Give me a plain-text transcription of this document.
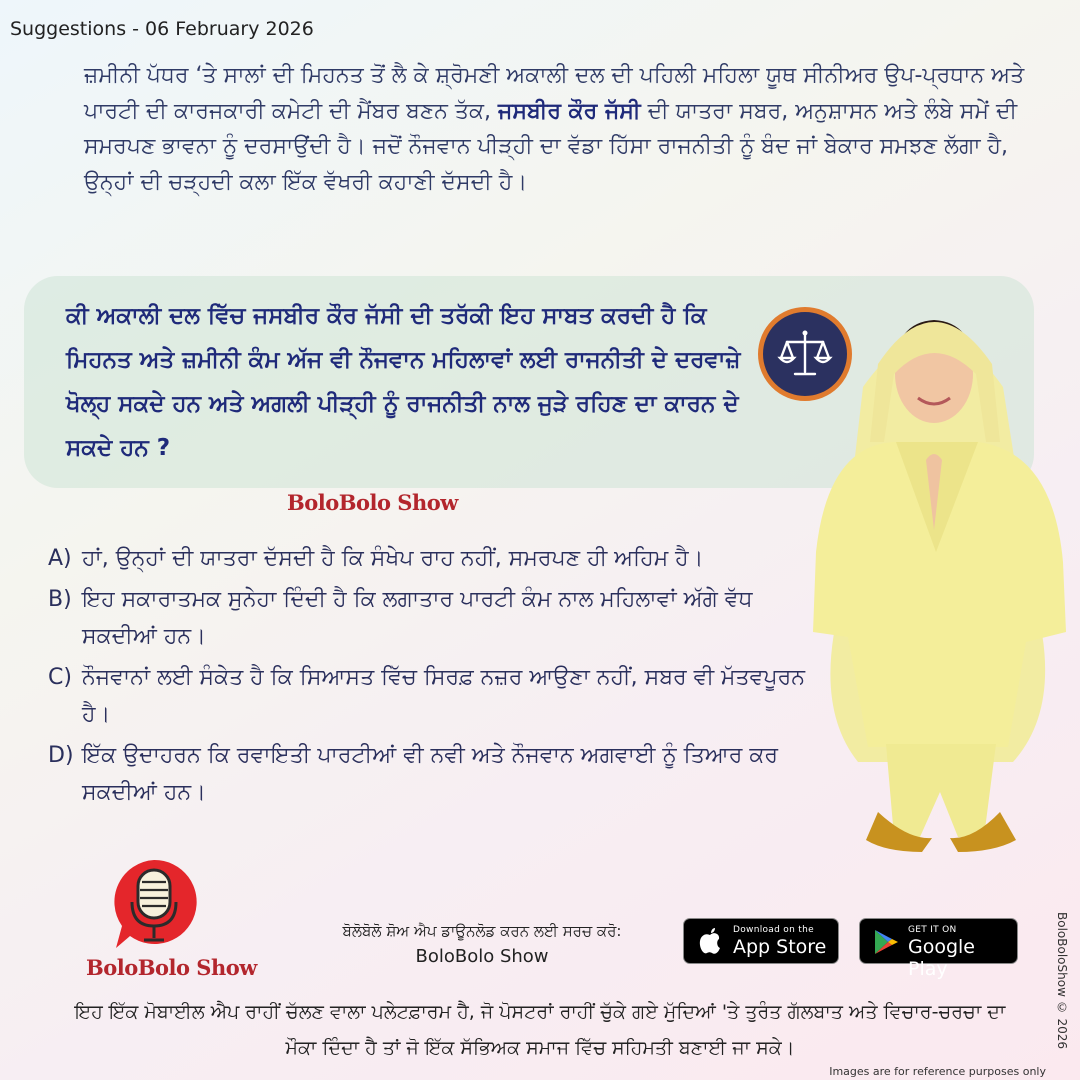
Suggestions - 06 February 2026
ਜ਼ਮੀਨੀ ਪੱਧਰ ‘ਤੇ ਸਾਲਾਂ ਦੀ ਮਿਹਨਤ ਤੋਂ ਲੈ ਕੇ ਸ਼੍ਰੋਮਣੀ ਅਕਾਲੀ ਦਲ ਦੀ ਪਹਿਲੀ ਮਹਿਲਾ ਯੂਥ ਸੀਨੀਅਰ ਉਪ-ਪ੍ਰਧਾਨ ਅਤੇ ਪਾਰਟੀ ਦੀ ਕਾਰਜਕਾਰੀ ਕਮੇਟੀ ਦੀ ਮੈਂਬਰ ਬਣਨ ਤੱਕ, ਜਸਬੀਰ ਕੌਰ ਜੱਸੀ ਦੀ ਯਾਤਰਾ ਸਬਰ, ਅਨੁਸ਼ਾਸਨ ਅਤੇ ਲੰਬੇ ਸਮੇਂ ਦੀ ਸਮਰਪਣ ਭਾਵਨਾ ਨੂੰ ਦਰਸਾਉਂਦੀ ਹੈ। ਜਦੋਂ ਨੌਜਵਾਨ ਪੀੜ੍ਹੀ ਦਾ ਵੱਡਾ ਹਿੱਸਾ ਰਾਜਨੀਤੀ ਨੂੰ ਬੰਦ ਜਾਂ ਬੇਕਾਰ ਸਮਝਣ ਲੱਗਾ ਹੈ, ਉਨ੍ਹਾਂ ਦੀ ਚੜ੍ਹਦੀ ਕਲਾ ਇੱਕ ਵੱਖਰੀ ਕਹਾਣੀ ਦੱਸਦੀ ਹੈ।
ਕੀ ਅਕਾਲੀ ਦਲ ਵਿੱਚ ਜਸਬੀਰ ਕੌਰ ਜੱਸੀ ਦੀ ਤਰੱਕੀ ਇਹ ਸਾਬਤ ਕਰਦੀ ਹੈ ਕਿ ਮਿਹਨਤ ਅਤੇ ਜ਼ਮੀਨੀ ਕੰਮ ਅੱਜ ਵੀ ਨੌਜਵਾਨ ਮਹਿਲਾਵਾਂ ਲਈ ਰਾਜਨੀਤੀ ਦੇ ਦਰਵਾਜ਼ੇ ਖੋਲ੍ਹ ਸਕਦੇ ਹਨ ਅਤੇ ਅਗਲੀ ਪੀੜ੍ਹੀ ਨੂੰ ਰਾਜਨੀਤੀ ਨਾਲ ਜੁੜੇ ਰਹਿਣ ਦਾ ਕਾਰਨ ਦੇ ਸਕਦੇ ਹਨ ?
BoloBolo Show
A) ਹਾਂ, ਉਨ੍ਹਾਂ ਦੀ ਯਾਤਰਾ ਦੱਸਦੀ ਹੈ ਕਿ ਸੰਖੇਪ ਰਾਹ ਨਹੀਂ, ਸਮਰਪਣ ਹੀ ਅਹਿਮ ਹੈ।
B) ਇਹ ਸਕਾਰਾਤਮਕ ਸੁਨੇਹਾ ਦਿੰਦੀ ਹੈ ਕਿ ਲਗਾਤਾਰ ਪਾਰਟੀ ਕੰਮ ਨਾਲ ਮਹਿਲਾਵਾਂ ਅੱਗੇ ਵੱਧ ਸਕਦੀਆਂ ਹਨ।
C) ਨੌਜਵਾਨਾਂ ਲਈ ਸੰਕੇਤ ਹੈ ਕਿ ਸਿਆਸਤ ਵਿੱਚ ਸਿਰਫ਼ ਨਜ਼ਰ ਆਉਣਾ ਨਹੀਂ, ਸਬਰ ਵੀ ਮੱਤਵਪੂਰਨ ਹੈ।
D) ਇੱਕ ਉਦਾਹਰਨ ਕਿ ਰਵਾਇਤੀ ਪਾਰਟੀਆਂ ਵੀ ਨਵੀ ਅਤੇ ਨੌਜਵਾਨ ਅਗਵਾਈ ਨੂੰ ਤਿਆਰ ਕਰ ਸਕਦੀਆਂ ਹਨ।
BoloBolo Show
ਬੋਲੋਬੋਲੋ ਸ਼ੋਅ ਐਪ ਡਾਊਨਲੋਡ ਕਰਨ ਲਈ ਸਰਚ ਕਰੋ:
BoloBolo Show
Download on the
App Store
GET IT ON
Google Play
ਇਹ ਇੱਕ ਮੋਬਾਈਲ ਐਪ ਰਾਹੀਂ ਚੱਲਣ ਵਾਲਾ ਪਲੇਟਫ਼ਾਰਮ ਹੈ, ਜੋ ਪੋਸਟਰਾਂ ਰਾਹੀਂ ਚੁੱਕੇ ਗਏ ਮੁੱਦਿਆਂ 'ਤੇ ਤੁਰੰਤ ਗੱਲਬਾਤ ਅਤੇ ਵਿਚਾਰ-ਚਰਚਾ ਦਾ ਮੌਕਾ ਦਿੰਦਾ ਹੈ ਤਾਂ ਜੋ ਇੱਕ ਸੱਭਿਅਕ ਸਮਾਜ ਵਿੱਚ ਸਹਿਮਤੀ ਬਣਾਈ ਜਾ ਸਕੇ।	BoloBoloShow © 2026
Images are for reference purposes only
